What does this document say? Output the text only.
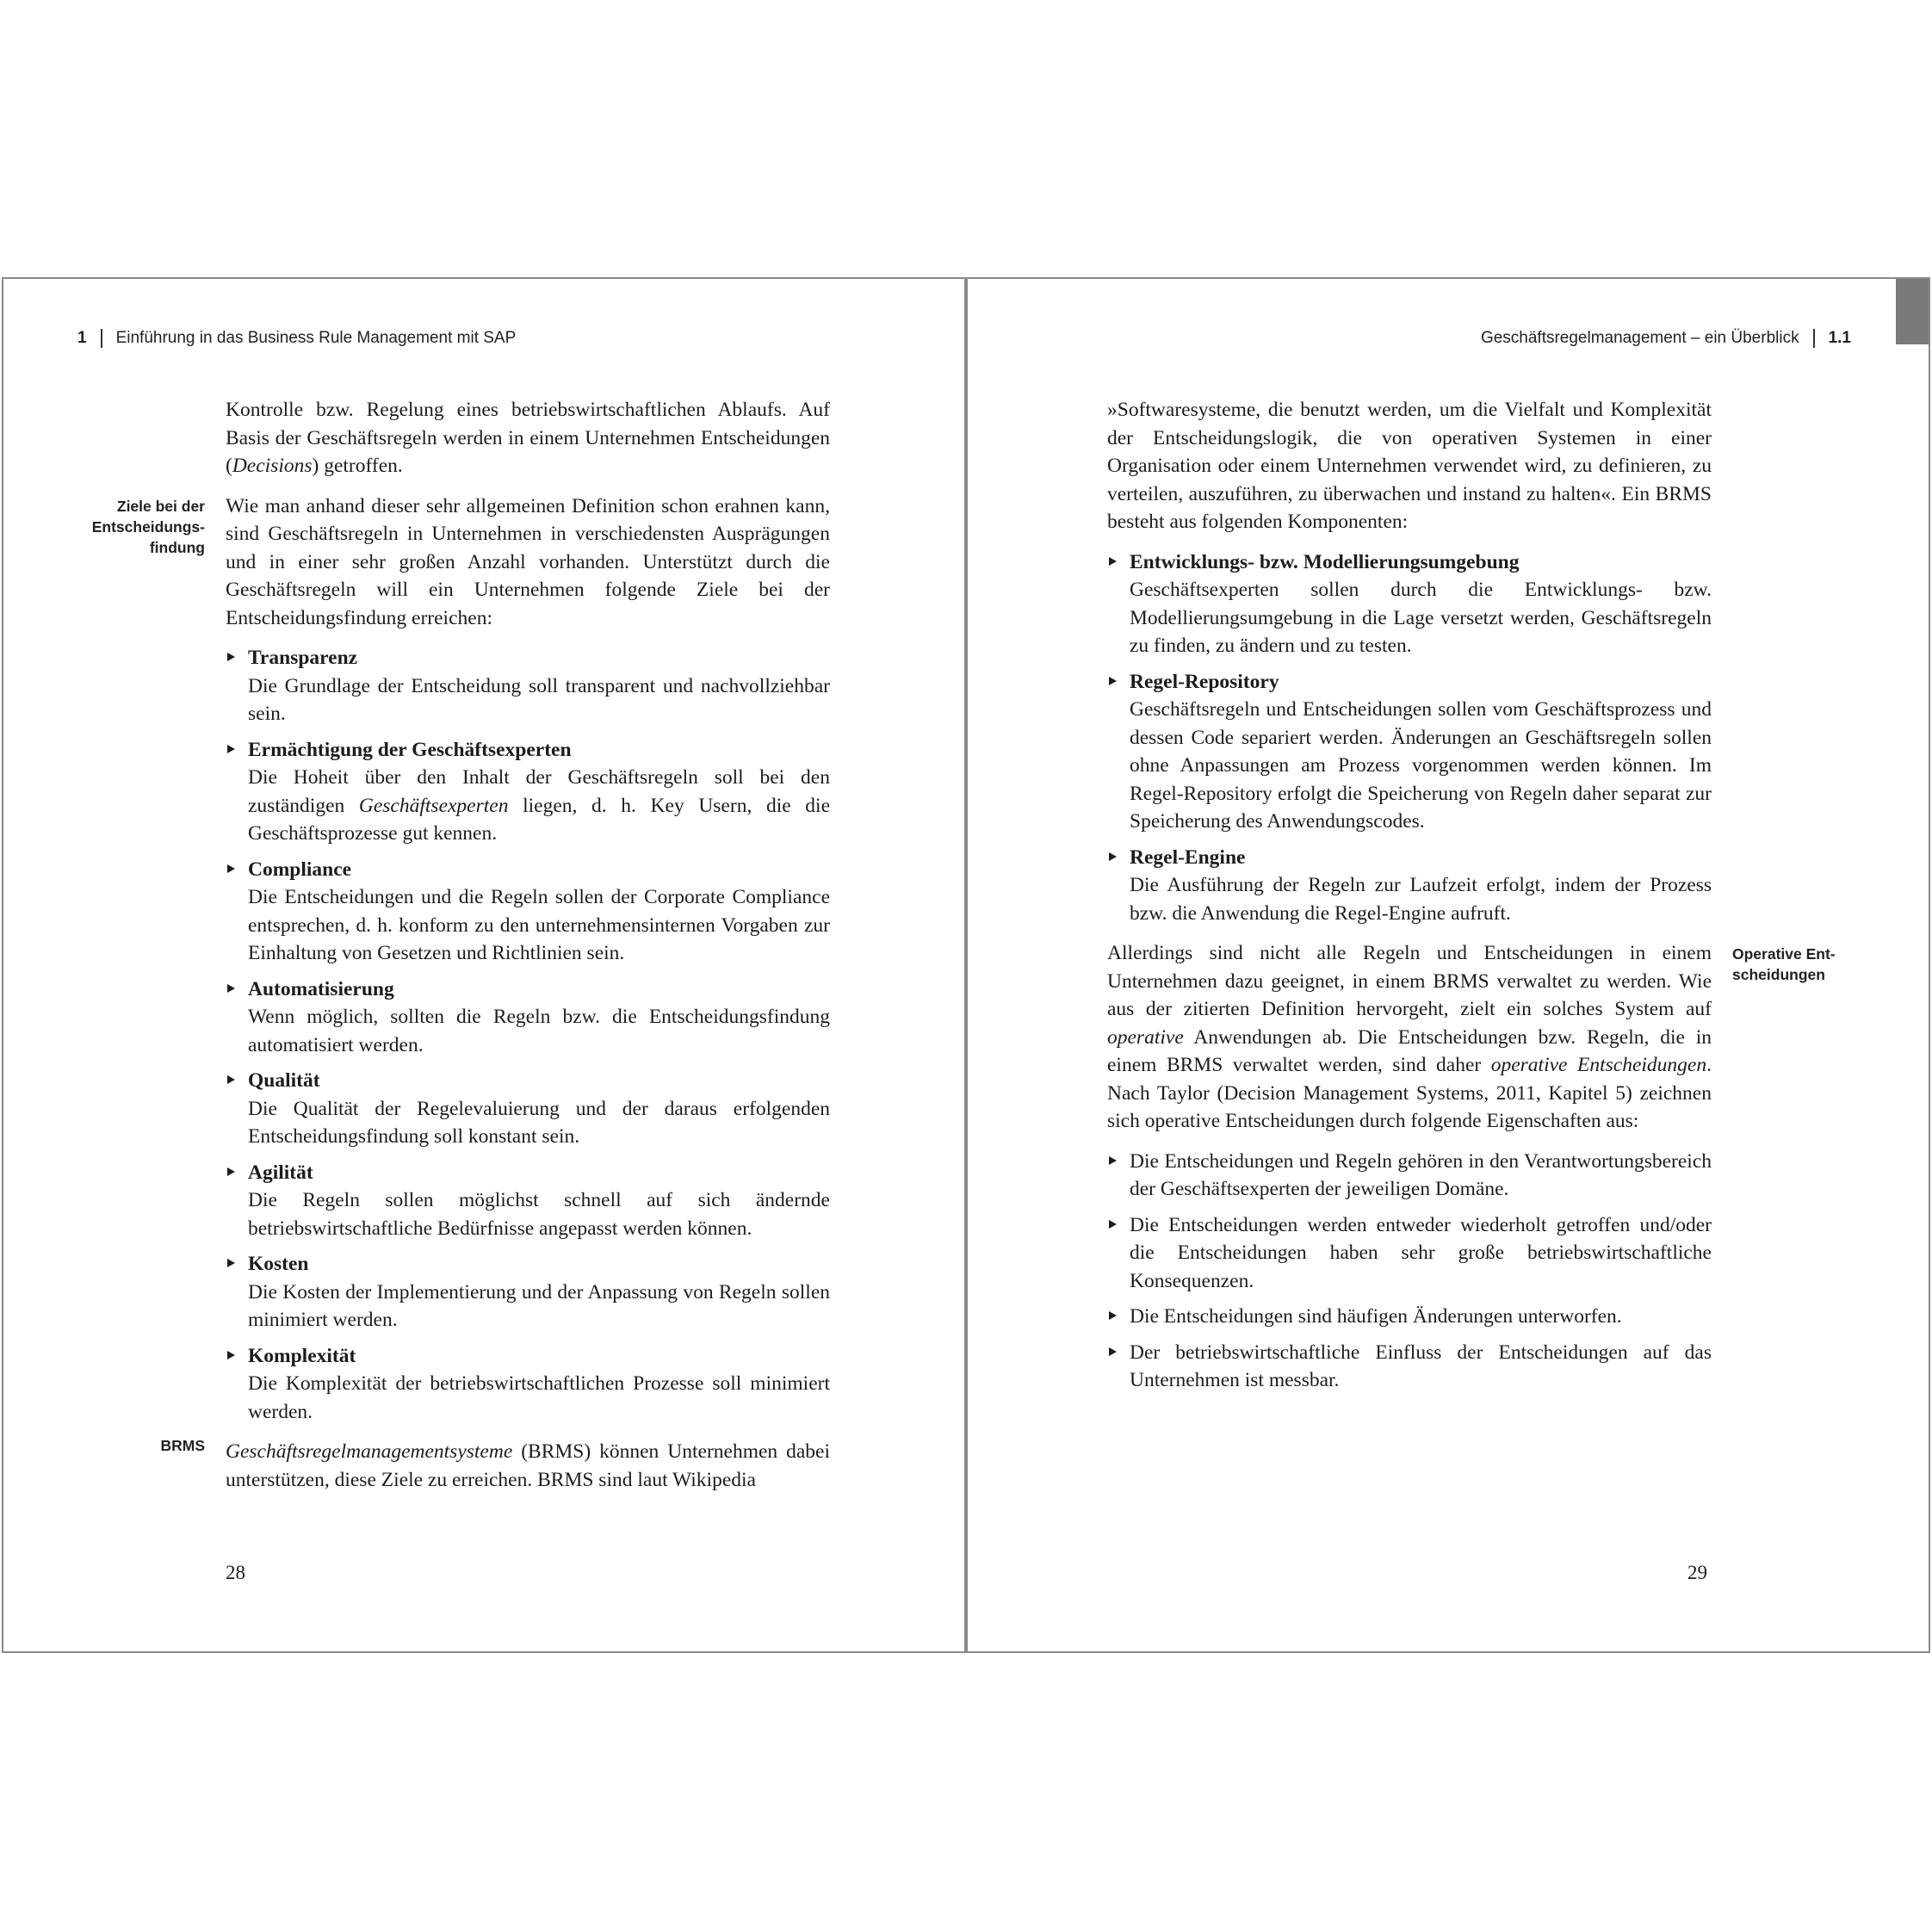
1 Einführung in das Business Rule Management mit SAP
Ziele bei der
Entscheidungs-
findung
BRMS

Kontrolle bzw. Regelung eines betriebswirtschaftlichen Ablaufs. Auf Basis der Geschäftsregeln werden in einem Unternehmen Entscheidungen (Decisions) getroffen.

Wie man anhand dieser sehr allgemeinen Definition schon erahnen kann, sind Geschäftsregeln in Unternehmen in verschiedensten Ausprägungen und in einer sehr großen Anzahl vorhanden. Unterstützt durch die Geschäftsregeln will ein Unternehmen folgende Ziele bei der Entscheidungsfindung erreichen:

Transparenz
Die Grundlage der Entscheidung soll transparent und nachvollziehbar sein.
Ermächtigung der Geschäftsexperten
Die Hoheit über den Inhalt der Geschäftsregeln soll bei den zuständigen Geschäftsexperten liegen, d. h. Key Usern, die die Geschäftsprozesse gut kennen.
Compliance
Die Entscheidungen und die Regeln sollen der Corporate Compliance entsprechen, d. h. konform zu den unternehmensinternen Vorgaben zur Einhaltung von Gesetzen und Richtlinien sein.
Automatisierung
Wenn möglich, sollten die Regeln bzw. die Entscheidungsfindung automatisiert werden.
Qualität
Die Qualität der Regelevaluierung und der daraus erfolgenden Entscheidungsfindung soll konstant sein.
Agilität
Die Regeln sollen möglichst schnell auf sich ändernde betriebswirtschaftliche Bedürfnisse angepasst werden können.
Kosten
Die Kosten der Implementierung und der Anpassung von Regeln sollen minimiert werden.
Komplexität
Die Komplexität der betriebswirtschaftlichen Prozesse soll minimiert werden.

Geschäftsregelmanagementsysteme (BRMS) können Unternehmen dabei unterstützen, diese Ziele zu erreichen. BRMS sind laut Wikipedia

28
Geschäftsregelmanagement – ein Überblick 1.1
Operative Ent-
scheidungen

»Softwaresysteme, die benutzt werden, um die Vielfalt und Komplexität der Entscheidungslogik, die von operativen Systemen in einer Organisation oder einem Unternehmen verwendet wird, zu definieren, zu verteilen, auszuführen, zu überwachen und instand zu halten«. Ein BRMS besteht aus folgenden Komponenten:

Entwicklungs- bzw. Modellierungsumgebung
Geschäftsexperten sollen durch die Entwicklungs- bzw. Modellierungsumgebung in die Lage versetzt werden, Geschäftsregeln zu finden, zu ändern und zu testen.
Regel-Repository
Geschäftsregeln und Entscheidungen sollen vom Geschäftsprozess und dessen Code separiert werden. Änderungen an Geschäftsregeln sollen ohne Anpassungen am Prozess vorgenommen werden können. Im Regel-Repository erfolgt die Speicherung von Regeln daher separat zur Speicherung des Anwendungscodes.
Regel-Engine
Die Ausführung der Regeln zur Laufzeit erfolgt, indem der Prozess bzw. die Anwendung die Regel-Engine aufruft.

Allerdings sind nicht alle Regeln und Entscheidungen in einem Unternehmen dazu geeignet, in einem BRMS verwaltet zu werden. Wie aus der zitierten Definition hervorgeht, zielt ein solches System auf operative Anwendungen ab. Die Entscheidungen bzw. Regeln, die in einem BRMS verwaltet werden, sind daher operative Entscheidungen. Nach Taylor (Decision Management Systems, 2011, Kapitel 5) zeichnen sich operative Entscheidungen durch folgende Eigenschaften aus:

Die Entscheidungen und Regeln gehören in den Verantwortungsbereich der Geschäftsexperten der jeweiligen Domäne.
Die Entscheidungen werden entweder wiederholt getroffen und/oder die Entscheidungen haben sehr große betriebswirtschaftliche Konsequenzen.
Die Entscheidungen sind häufigen Änderungen unterworfen.
Der betriebswirtschaftliche Einfluss der Entscheidungen auf das Unternehmen ist messbar.
29
